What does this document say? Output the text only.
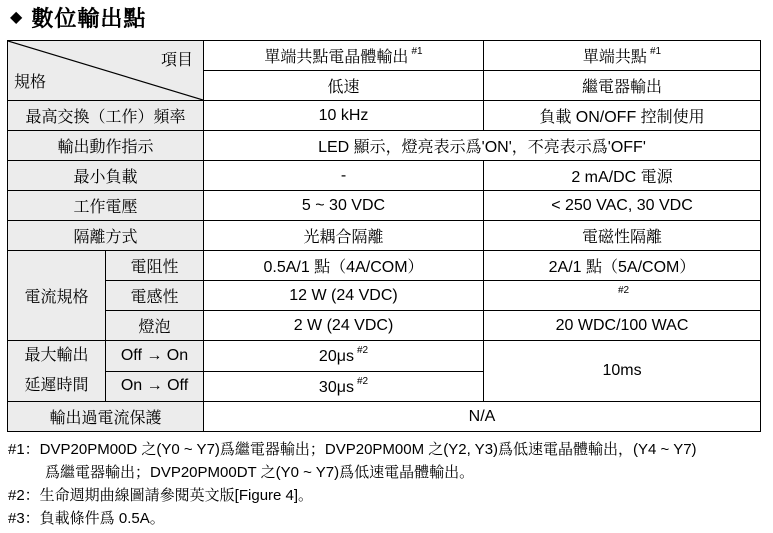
◆ 數位輸出點
項目
規格		單端共點電晶體輸出 $^{\#1}$	單端共點 $^{\#1}$
		低速	繼電器輸出
最高交換（工作）頻率		10 kHz	負載 ON/OFF 控制使用
輸出動作指示		LED 顯示，燈亮表示爲'ON'，不亮表示爲'OFF'	
最小負載		-	2 mA/DC 電源
工作電壓		5 ~ 30 VDC	< 250 VAC, 30 VDC
隔離方式		光耦合隔離	電磁性隔離
電流規格	電阻性	0.5A/1 點（4A/COM）	2A/1 點（5A/COM）
	電感性	12 W (24 VDC)	$^{\#2}$
	燈泡	2 W (24 VDC)	20 WDC/100 WAC

最大輸出
延遲時間	Off → On	20μs $^{\#2}$	10ms
	On → Off	30μs $^{\#2}$
輸出過電流保護		N/A	
#1：DVP20PM00D 之(Y0 ~ Y7)爲繼電器輸出；DVP20PM00M 之(Y2, Y3)爲低速電晶體輸出，(Y4 ~ Y7)
爲繼電器輸出；DVP20PM00DT 之(Y0 ~ Y7)爲低速電晶體輸出。
#2：生命週期曲線圖請參閱英文版[Figure 4]。
#3：負載條件爲 0.5A。
